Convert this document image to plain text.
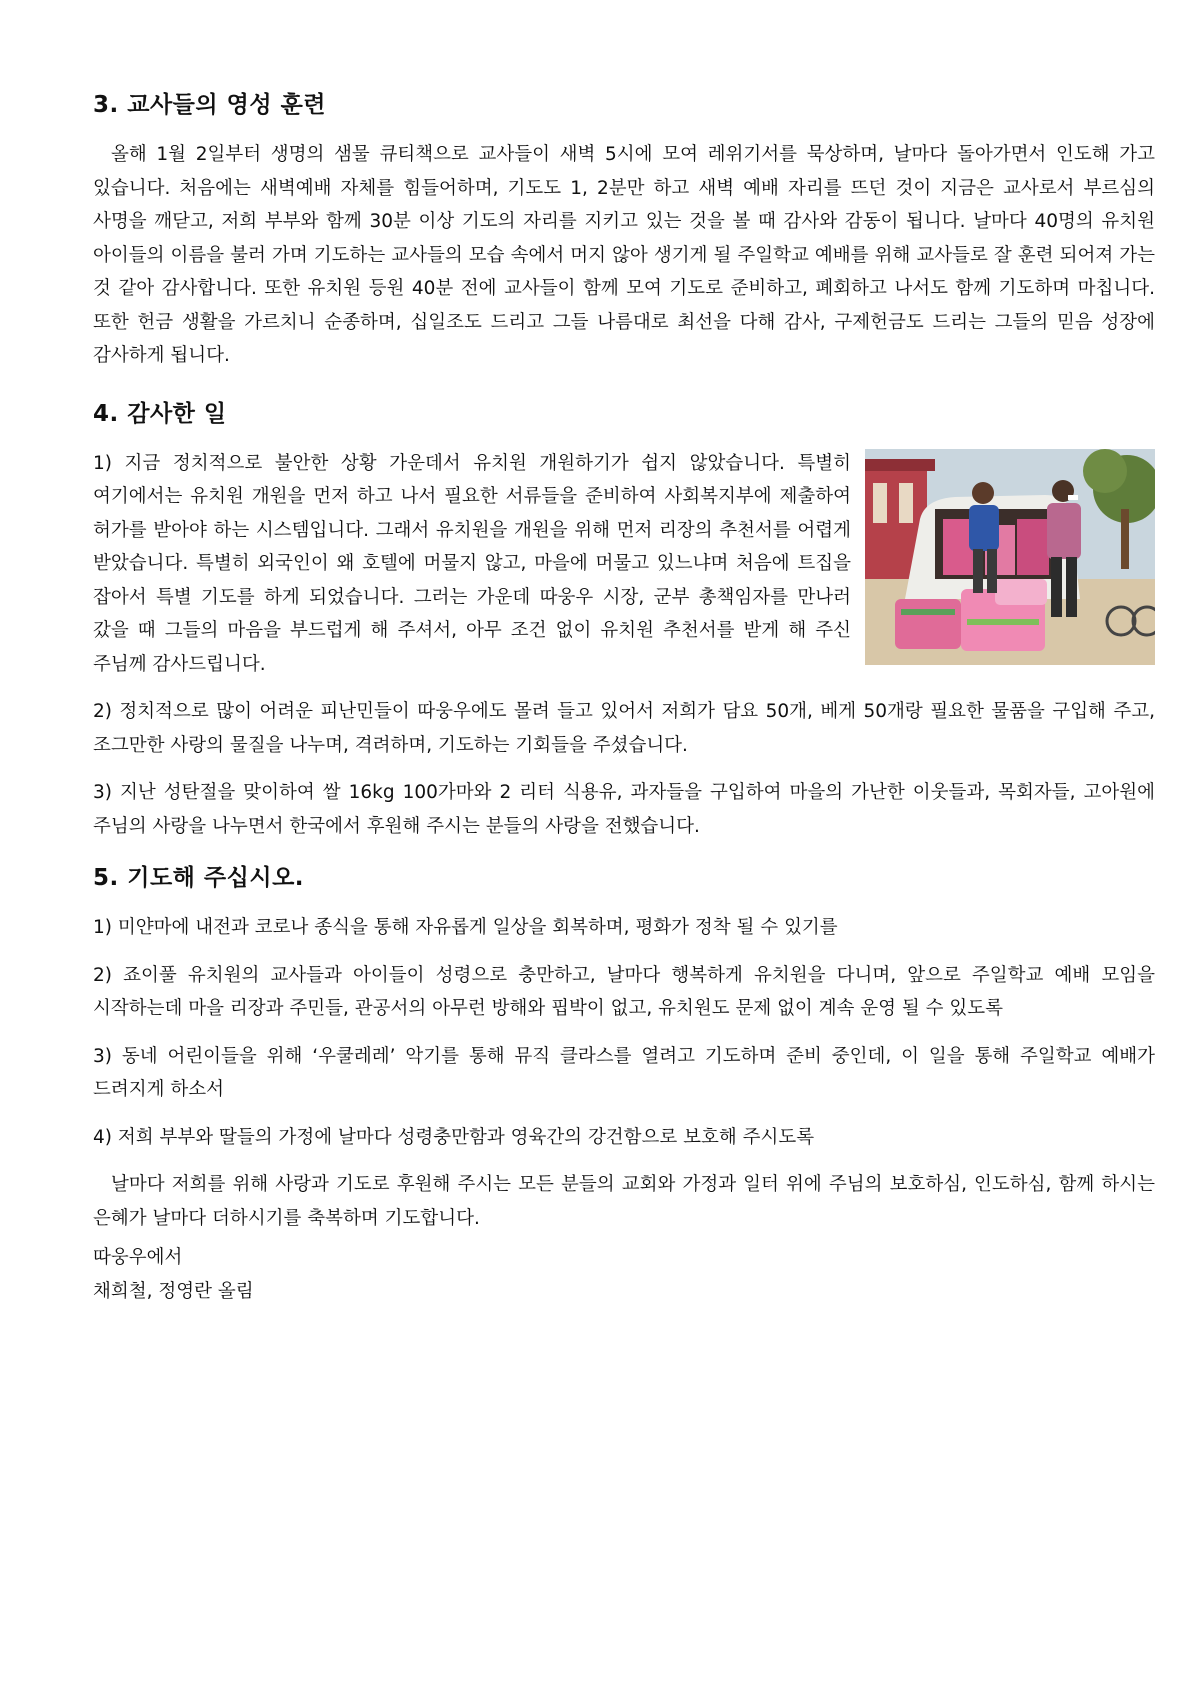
3. 교사들의 영성 훈련

올해 1월 2일부터 생명의 샘물 큐티책으로 교사들이 새벽 5시에 모여 레위기서를 묵상하며, 날마다 돌아가면서 인도해 가고 있습니다. 처음에는 새벽예배 자체를 힘들어하며, 기도도 1, 2분만 하고 새벽 예배 자리를 뜨던 것이 지금은 교사로서 부르심의 사명을 깨닫고, 저희 부부와 함께 30분 이상 기도의 자리를 지키고 있는 것을 볼 때 감사와 감동이 됩니다. 날마다 40명의 유치원 아이들의 이름을 불러 가며 기도하는 교사들의 모습 속에서 머지 않아 생기게 될 주일학교 예배를 위해 교사들로 잘 훈련 되어져 가는 것 같아 감사합니다. 또한 유치원 등원 40분 전에 교사들이 함께 모여 기도로 준비하고, 폐회하고 나서도 함께 기도하며 마칩니다. 또한 헌금 생활을 가르치니 순종하며, 십일조도 드리고 그들 나름대로 최선을 다해 감사, 구제헌금도 드리는 그들의 믿음 성장에 감사하게 됩니다.

4. 감사한 일

1) 지금 정치적으로 불안한 상황 가운데서 유치원 개원하기가 쉽지 않았습니다. 특별히 여기에서는 유치원 개원을 먼저 하고 나서 필요한 서류들을 준비하여 사회복지부에 제출하여 허가를 받아야 하는 시스템입니다. 그래서 유치원을 개원을 위해 먼저 리장의 추천서를 어렵게 받았습니다. 특별히 외국인이 왜 호텔에 머물지 않고, 마을에 머물고 있느냐며 처음에 트집을 잡아서 특별 기도를 하게 되었습니다. 그러는 가운데 따웅우 시장, 군부 총책임자를 만나러 갔을 때 그들의 마음을 부드럽게 해 주셔서, 아무 조건 없이 유치원 추천서를 받게 해 주신 주님께 감사드립니다.

2) 정치적으로 많이 어려운 피난민들이 따웅우에도 몰려 들고 있어서 저희가 담요 50개, 베게 50개랑 필요한 물품을 구입해 주고, 조그만한 사랑의 물질을 나누며, 격려하며, 기도하는 기회들을 주셨습니다.

3) 지난 성탄절을 맞이하여 쌀 16kg 100가마와 2 리터 식용유, 과자들을 구입하여 마을의 가난한 이웃들과, 목회자들, 고아원에 주님의 사랑을 나누면서 한국에서 후원해 주시는 분들의 사랑을 전했습니다.

5. 기도해 주십시오.

1) 미얀마에 내전과 코로나 종식을 통해 자유롭게 일상을 회복하며, 평화가 정착 될 수 있기를

2) 죠이풀 유치원의 교사들과 아이들이 성령으로 충만하고, 날마다 행복하게 유치원을 다니며, 앞으로 주일학교 예배 모임을 시작하는데 마을 리장과 주민들, 관공서의 아무런 방해와 핍박이 없고, 유치원도 문제 없이 계속 운영 될 수 있도록

3) 동네 어린이들을 위해 ‘우쿨레레’ 악기를 통해 뮤직 클라스를 열려고 기도하며 준비 중인데, 이 일을 통해 주일학교 예배가 드려지게 하소서

4) 저희 부부와 딸들의 가정에 날마다 성령충만함과 영육간의 강건함으로 보호해 주시도록

날마다 저희를 위해 사랑과 기도로 후원해 주시는 모든 분들의 교회와 가정과 일터 위에 주님의 보호하심, 인도하심, 함께 하시는 은혜가 날마다 더하시기를 축복하며 기도합니다.

따웅우에서

채희철, 정영란 올림
